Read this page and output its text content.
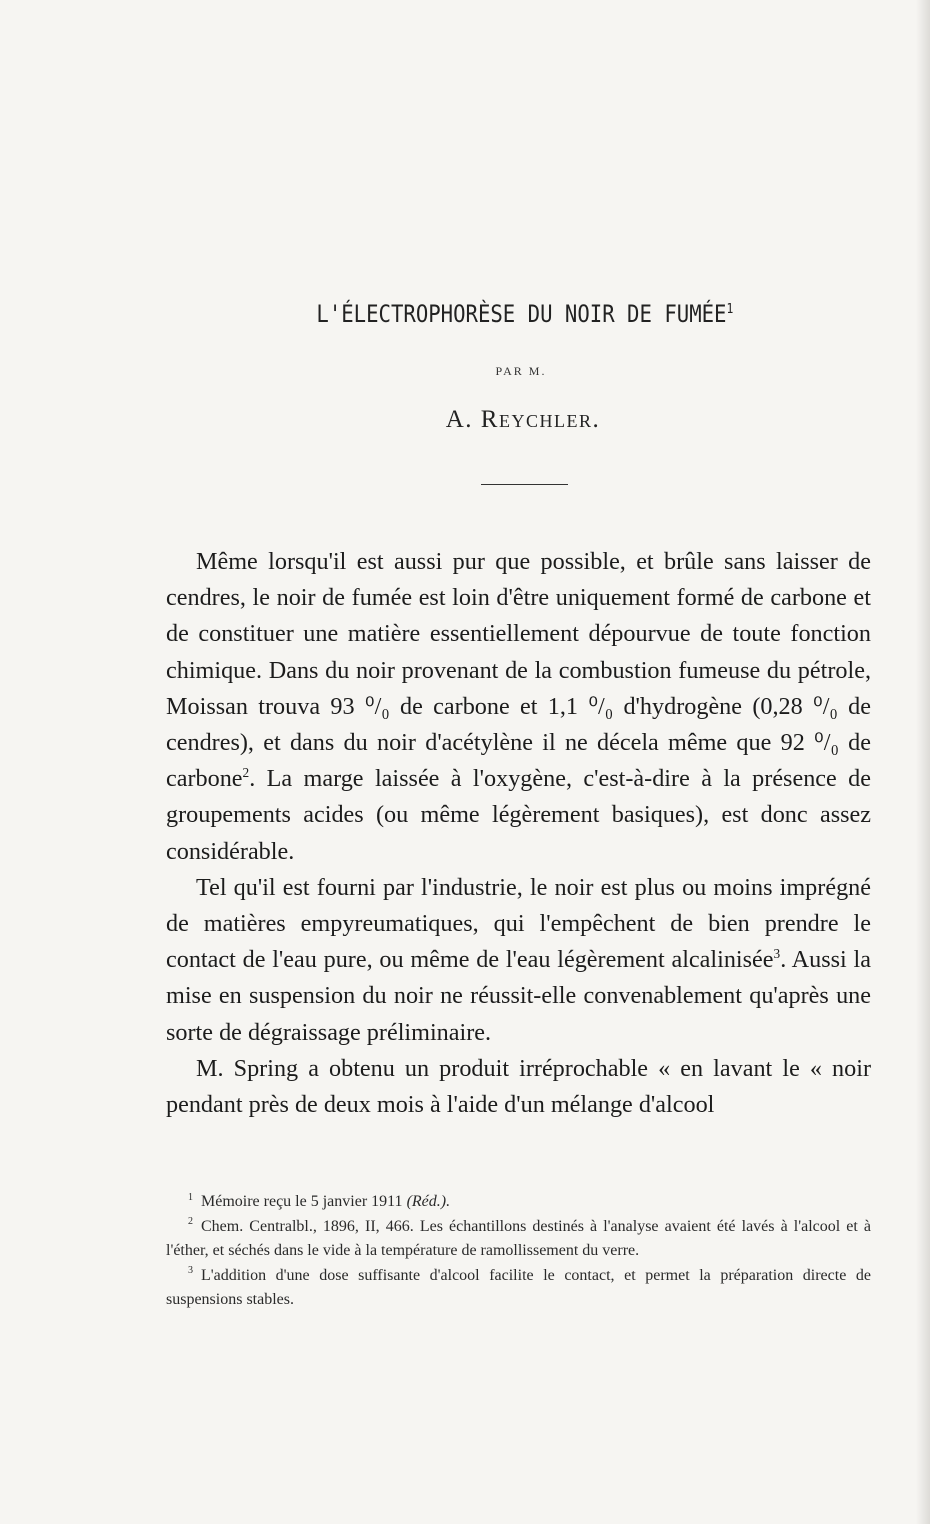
L'ÉLECTROPHORÈSE DU NOIR DE FUMÉE$^1$
PAR M.
A. Reychler.

Même lorsqu'il est aussi pur que possible, et brûle sans laisser de cendres, le noir de fumée est loin d'être uniquement formé de carbone et de constituer une matière essentiellement dépourvue de toute fonction chimique. Dans du noir provenant de la combustion fumeuse du pétrole, Moissan trouva 93 ⁰/₀ de carbone et 1,1 ⁰/₀ d'hydrogène (0,28 ⁰/₀ de cendres), et dans du noir d'acétylène il ne décela même que 92 ⁰/₀ de carbone$^2$. La marge laissée à l'oxygène, c'est-à-dire à la présence de groupements acides (ou même légèrement basiques), est donc assez considérable.

Tel qu'il est fourni par l'industrie, le noir est plus ou moins imprégné de matières empyreumatiques, qui l'empêchent de bien prendre le contact de l'eau pure, ou même de l'eau légèrement alcalinisée$^3$. Aussi la mise en suspension du noir ne réussit-elle convenablement qu'après une sorte de dégraissage préliminaire.

M. Spring a obtenu un produit irréprochable « en lavant le « noir pendant près de deux mois à l'aide d'un mélange d'alcool

$^1$ Mémoire reçu le 5 janvier 1911 (Réd.).

$^2$ Chem. Centralbl., 1896, II, 466. Les échantillons destinés à l'analyse avaient été lavés à l'alcool et à l'éther, et séchés dans le vide à la température de ramollissement du verre.

$^3$ L'addition d'une dose suffisante d'alcool facilite le contact, et permet la préparation directe de suspensions stables.
